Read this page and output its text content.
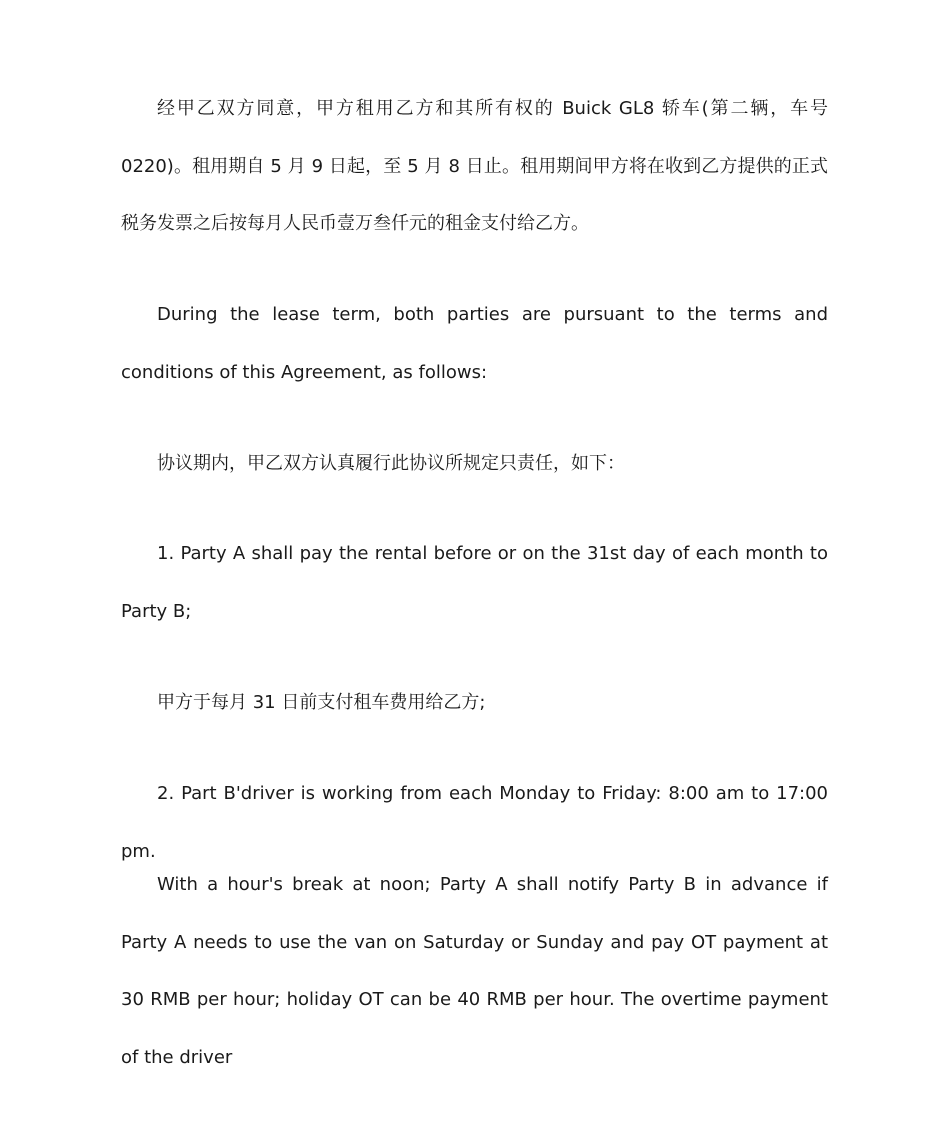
经甲乙双方同意，甲方租用乙方和其所有权的 Buick GL8 轿车(第二辆，车号 0220)。租用期自 5 月 9 日起，至 5 月 8 日止。租用期间甲方将在收到乙方提供的正式税务发票之后按每月人民币壹万叁仟元的租金支付给乙方。

During the lease term, both parties are pursuant to the terms and conditions of this Agreement, as follows:

协议期内，甲乙双方认真履行此协议所规定只责任，如下：

1. Party A shall pay the rental before or on the 31st day of each month to Party B;

甲方于每月 31 日前支付租车费用给乙方;

2. Part B'driver is working from each Monday to Friday: 8:00 am to 17:00 pm.

With a hour's break at noon; Party A shall notify Party B in advance if Party A needs to use the van on Saturday or Sunday and pay OT payment at 30 RMB per hour; holiday OT can be 40 RMB per hour. The overtime payment of the driver
